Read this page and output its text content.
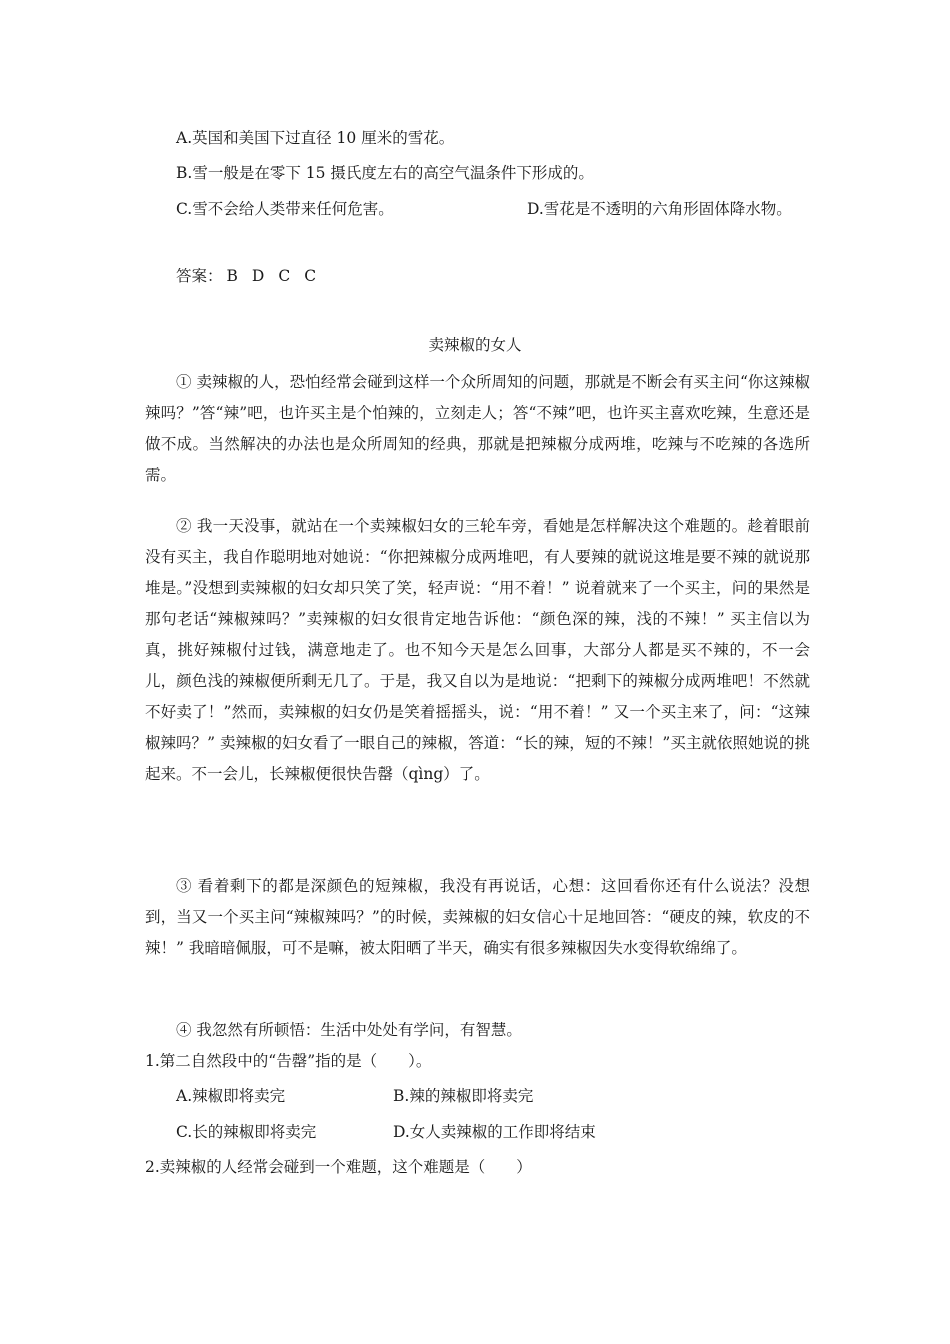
A.英国和美国下过直径 10 厘米的雪花。
B.雪一般是在零下 15 摄氏度左右的高空气温条件下形成的。
C.雪不会给人类带来任何危害。	D.雪花是不透明的六角形固体降水物。
答案： B D C C
卖辣椒的女人

① 卖辣椒的人，恐怕经常会碰到这样一个众所周知的问题，那就是不断会有买主问“你这辣椒辣吗？”答“辣”吧，也许买主是个怕辣的，立刻走人；答“不辣”吧，也许买主喜欢吃辣，生意还是做不成。当然解决的办法也是众所周知的经典，那就是把辣椒分成两堆，吃辣与不吃辣的各选所需。

② 我一天没事，就站在一个卖辣椒妇女的三轮车旁，看她是怎样解决这个难题的。趁着眼前没有买主，我自作聪明地对她说：“你把辣椒分成两堆吧，有人要辣的就说这堆是要不辣的就说那堆是。”没想到卖辣椒的妇女却只笑了笑，轻声说：“用不着！” 说着就来了一个买主，问的果然是那句老话“辣椒辣吗？”卖辣椒的妇女很肯定地告诉他：“颜色深的辣，浅的不辣！” 买主信以为真，挑好辣椒付过钱，满意地走了。也不知今天是怎么回事，大部分人都是买不辣的，不一会儿，颜色浅的辣椒便所剩无几了。于是，我又自以为是地说：“把剩下的辣椒分成两堆吧！不然就不好卖了！”然而，卖辣椒的妇女仍是笑着摇摇头，说：“用不着！” 又一个买主来了，问：“这辣椒辣吗？” 卖辣椒的妇女看了一眼自己的辣椒，答道：“长的辣，短的不辣！”买主就依照她说的挑起来。不一会儿，长辣椒便很快告罄（qìng）了。

③ 看着剩下的都是深颜色的短辣椒，我没有再说话，心想：这回看你还有什么说法？没想到，当又一个买主问“辣椒辣吗？”的时候，卖辣椒的妇女信心十足地回答：“硬皮的辣，软皮的不辣！” 我暗暗佩服，可不是嘛，被太阳晒了半天，确实有很多辣椒因失水变得软绵绵了。

④ 我忽然有所顿悟：生活中处处有学问，有智慧。

1.第二自然段中的“告罄”指的是（　　）。
A.辣椒即将卖完	B.辣的辣椒即将卖完
C.长的辣椒即将卖完	D.女人卖辣椒的工作即将结束
2.卖辣椒的人经常会碰到一个难题，这个难题是（　　）
